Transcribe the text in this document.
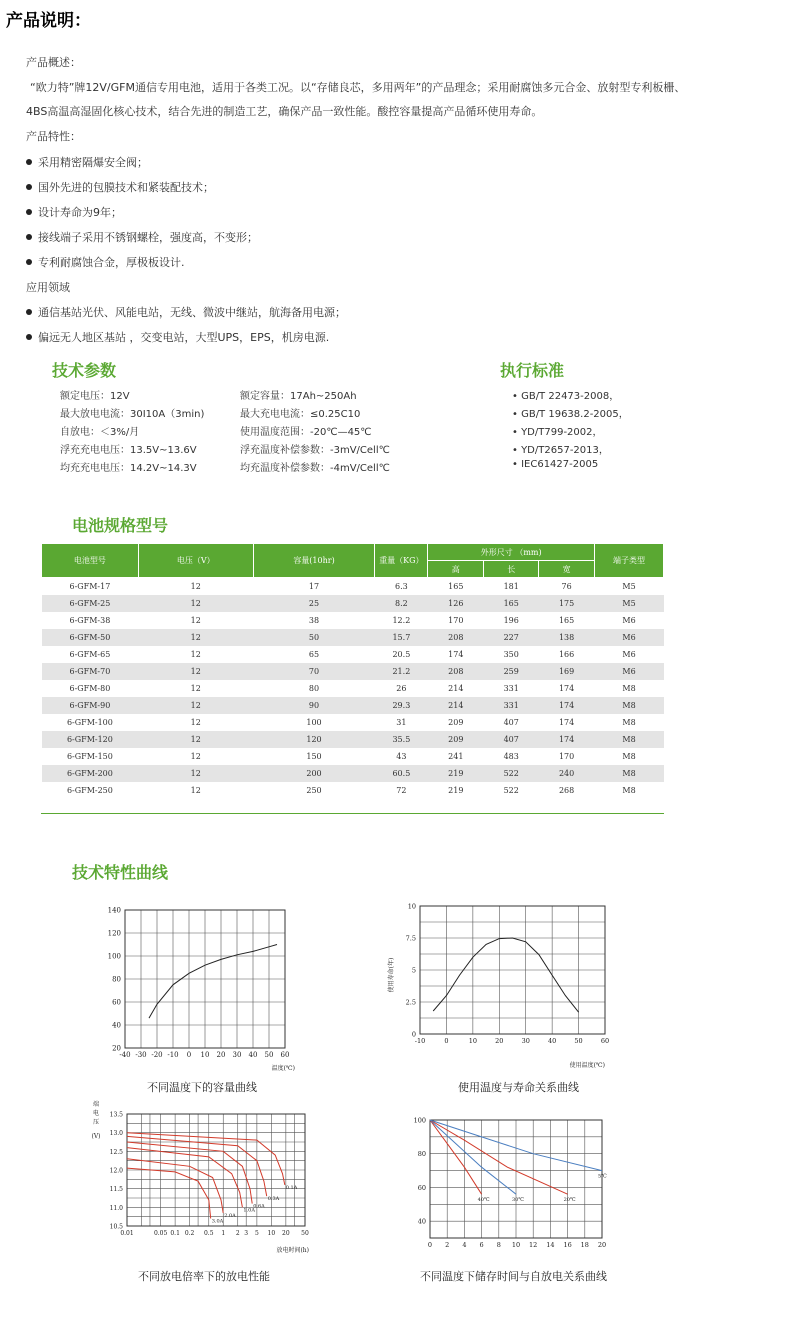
产品说明：
产品概述：
“欧力特”牌12V/GFM通信专用电池，适用于各类工况。以“存储良芯，多用两年”的产品理念；采用耐腐蚀多元合金、放射型专利板栅、
4BS高温高湿固化核心技术，结合先进的制造工艺，确保产品一致性能。酸控容量提高产品循环使用寿命。
产品特性：
采用精密隔爆安全阀；
国外先进的包膜技术和紧装配技术；
设计寿命为9年；
接线端子采用不锈钢螺栓，强度高，不变形；
专利耐腐蚀合金，厚极板设计.
应用领域
通信基站光伏、风能电站，无线、微波中继站，航海备用电源；
偏远无人地区基站 ，交变电站，大型UPS，EPS，机房电源.
技术参数
额定电压：12V
最大放电电流：30I10A（3min)
自放电：＜3%/月
浮充充电电压：13.5V~13.6V
均充充电电压：14.2V~14.3V
额定容量：17Ah~250Ah
最大充电电流：≤0.25C10
使用温度范围：-20℃—45℃
浮充温度补偿参数：-3mV/Cell℃
均充温度补偿参数：-4mV/Cell℃
执行标准
• GB/T 22473-2008，
• GB/T 19638.2-2005，
• YD/T799-2002，
• YD/T2657-2013，
• IEC61427-2005
电池规格型号
电池型号	电压（V）	容量(10hr)	重量（KG）	外形尺寸 （mm)			端子类型
				高	长	宽	
6-GFM-17	12	17	6.3	165	181	76	M5
6-GFM-25	12	25	8.2	126	165	175	M5
6-GFM-38	12	38	12.2	170	196	165	M6
6-GFM-50	12	50	15.7	208	227	138	M6
6-GFM-65	12	65	20.5	174	350	166	M6
6-GFM-70	12	70	21.2	208	259	169	M6
6-GFM-80	12	80	26	214	331	174	M8
6-GFM-90	12	90	29.3	214	331	174	M8
6-GFM-100	12	100	31	209	407	174	M8
6-GFM-120	12	120	35.5	209	407	174	M8
6-GFM-150	12	150	43	241	483	170	M8
6-GFM-200	12	200	60.5	219	522	240	M8
6-GFM-250	12	250	72	219	522	268	M8
技术特性曲线
-40 -30 -20 -10 0 10 20 30 40 50 60
20
40
60
80
100
120
140
温度(℃)
不同温度下的容量曲线
-10	0	10	20	30	40	50	60
0
2.5
5
7.5
10
使用温度(℃)
使用寿命(年)
使用温度与寿命关系曲线
0.01	0.05 0.1 0.2 0.5 1 2 3 5 10 20 50
10.5
11.0
11.5
12.0
12.5
13.0
13.5
放电时间(h)
3.0A
2.0A
1.0A
0.6A
0.3A
0.1A
端
电
压
(V)
不同放电倍率下的放电性能
0 2 4 6 8 10 12 14 16 18 20
40
60
80
100
40℃	30℃	20℃
5℃
不同温度下储存时间与自放电关系曲线
